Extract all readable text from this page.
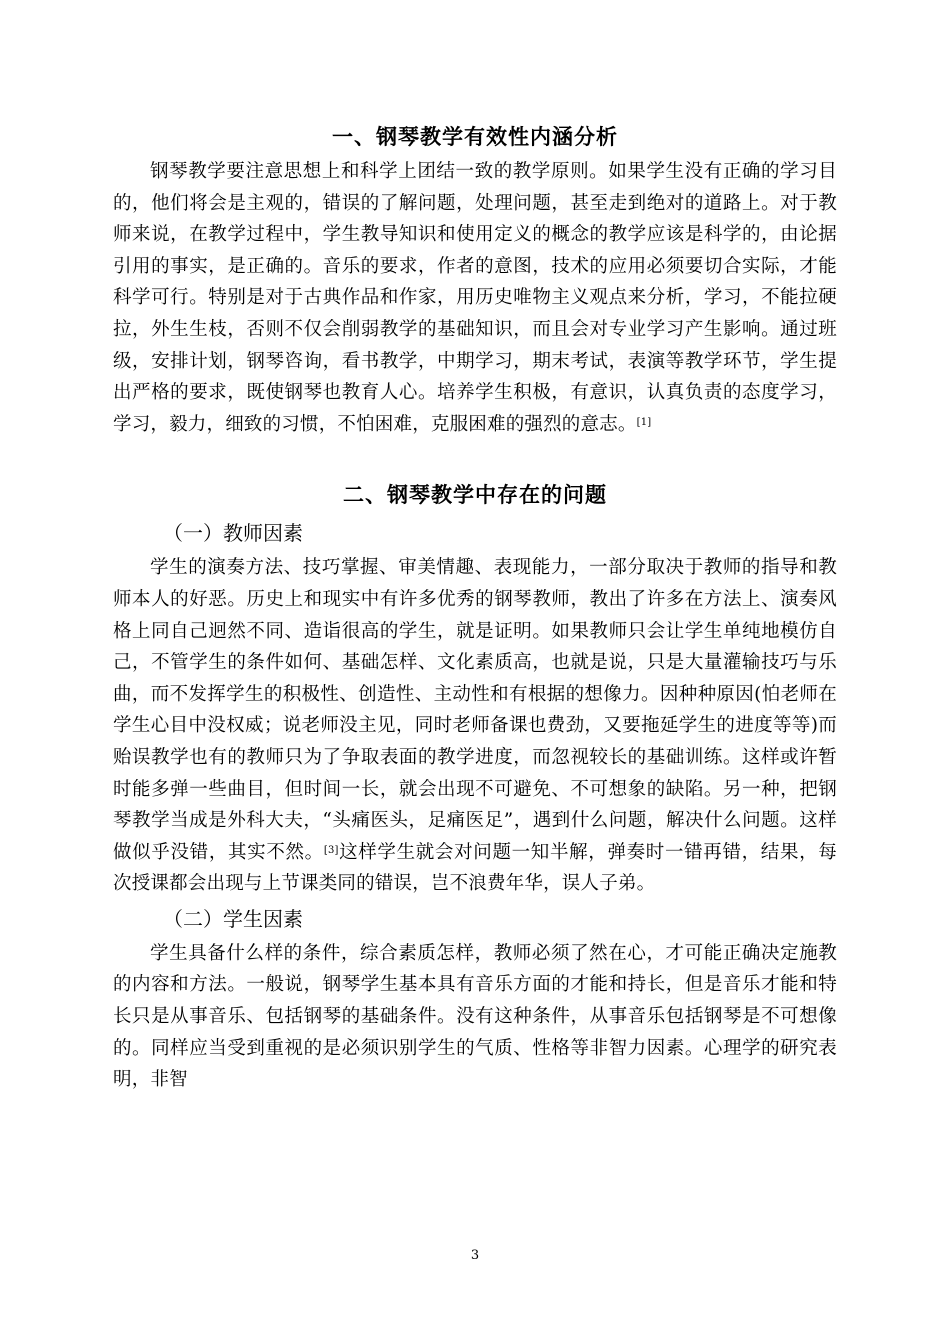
一、钢琴教学有效性内涵分析

钢琴教学要注意思想上和科学上团结一致的教学原则。如果学生没有正确的学习目的，他们将会是主观的，错误的了解问题，处理问题，甚至走到绝对的道路上。对于教师来说，在教学过程中，学生教导知识和使用定义的概念的教学应该是科学的，由论据引用的事实，是正确的。音乐的要求，作者的意图，技术的应用必须要切合实际，才能科学可行。特别是对于古典作品和作家，用历史唯物主义观点来分析，学习，不能拉硬拉，外生生枝，否则不仅会削弱教学的基础知识，而且会对专业学习产生影响。通过班级，安排计划，钢琴咨询，看书教学，中期学习，期末考试，表演等教学环节，学生提出严格的要求，既使钢琴也教育人心。培养学生积极，有意识，认真负责的态度学习，学习，毅力，细致的习惯，不怕困难，克服困难的强烈的意志。[1]

二、钢琴教学中存在的问题
（一）教师因素

学生的演奏方法、技巧掌握、审美情趣、表现能力，一部分取决于教师的指导和教师本人的好恶。历史上和现实中有许多优秀的钢琴教师，教出了许多在方法上、演奏风格上同自己迥然不同、造诣很高的学生，就是证明。如果教师只会让学生单纯地模仿自己，不管学生的条件如何、基础怎样、文化素质高，也就是说，只是大量灌输技巧与乐曲，而不发挥学生的积极性、创造性、主动性和有根据的想像力。因种种原因(怕老师在学生心目中没权威；说老师没主见，同时老师备课也费劲，又要拖延学生的进度等等)而贻误教学也有的教师只为了争取表面的教学进度，而忽视较长的基础训练。这样或许暂时能多弹一些曲目，但时间一长，就会出现不可避免、不可想象的缺陷。另一种，把钢琴教学当成是外科大夫，“头痛医头，足痛医足”，遇到什么问题，解决什么问题。这样做似乎没错，其实不然。[3]这样学生就会对问题一知半解，弹奏时一错再错，结果，每次授课都会出现与上节课类同的错误，岂不浪费年华，误人子弟。

（二）学生因素

学生具备什么样的条件，综合素质怎样，教师必须了然在心，才可能正确决定施教的内容和方法。一般说，钢琴学生基本具有音乐方面的才能和持长，但是音乐才能和特长只是从事音乐、包括钢琴的基础条件。没有这种条件，从事音乐包括钢琴是不可想像的。同样应当受到重视的是必须识别学生的气质、性格等非智力因素。心理学的研究表明，非智

3
